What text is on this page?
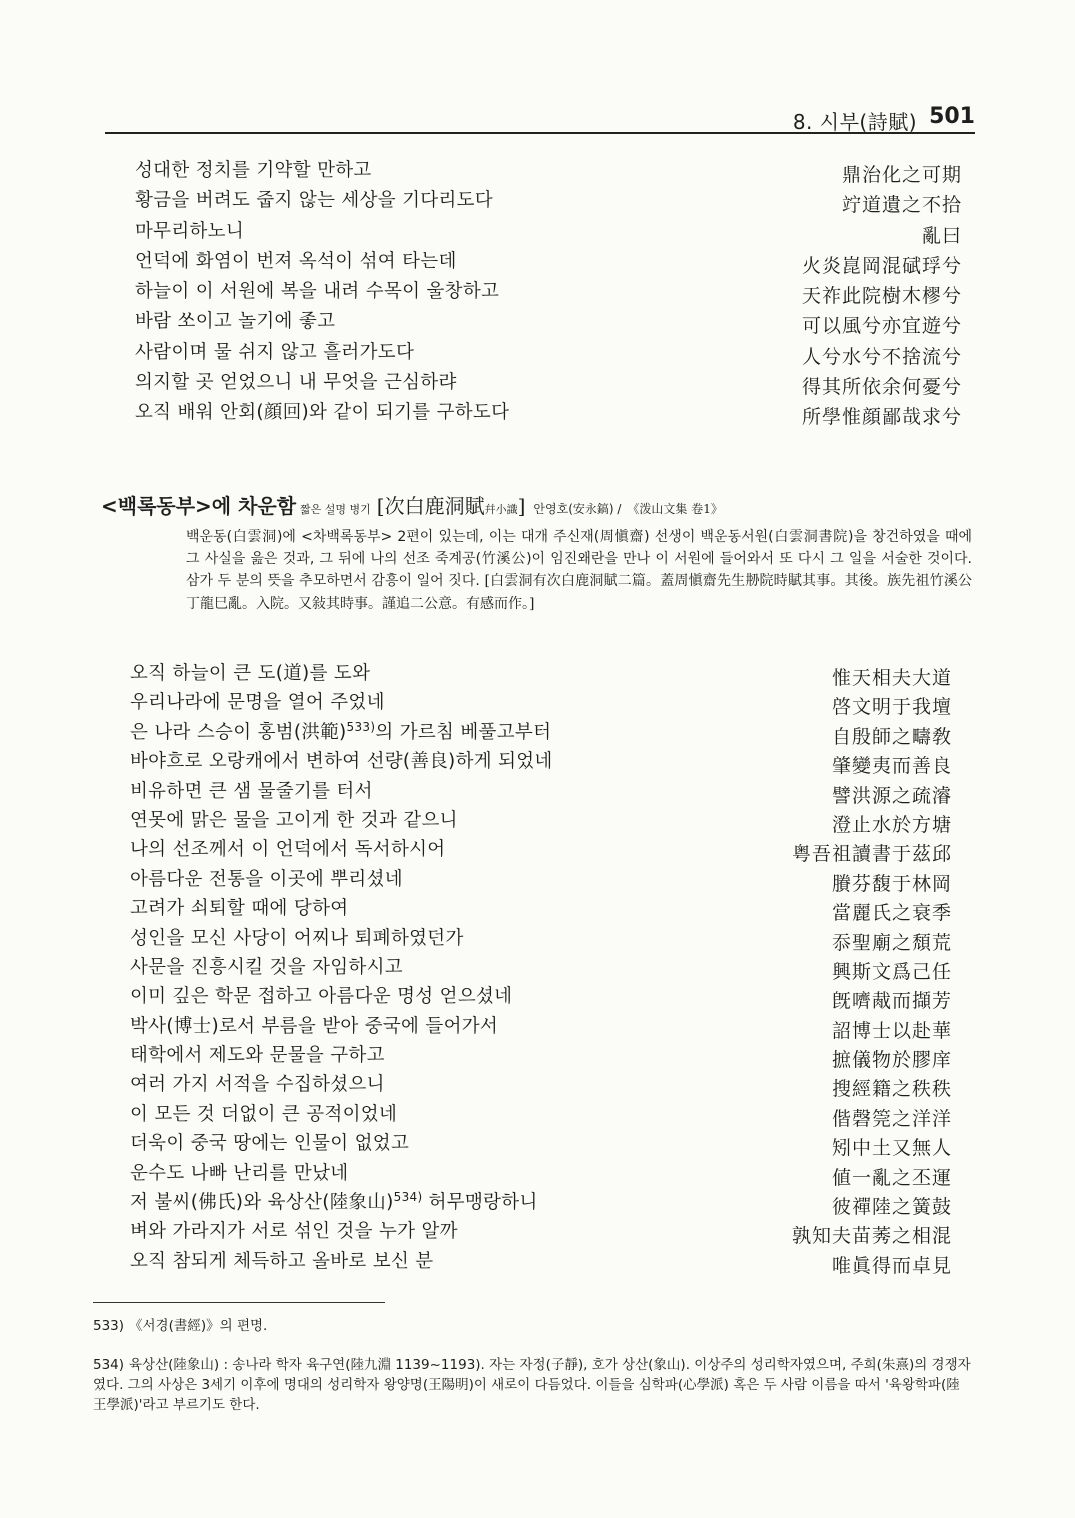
8. 시부(詩賦) 501
성대한 정치를 기약할 만하고	鼎治化之可期
황금을 버려도 줍지 않는 세상을 기다리도다	竚道遺之不拾
마무리하노니	亂曰
언덕에 화염이 번져 옥석이 섞여 타는데	火炎崑岡混碔琈兮
하늘이 이 서원에 복을 내려 수목이 울창하고	天祚此院樹木樛兮
바람 쏘이고 놀기에 좋고	可以風兮亦宜遊兮
사람이며 물 쉬지 않고 흘러가도다	人兮水兮不捨流兮
의지할 곳 얻었으니 내 무엇을 근심하랴	得其所依余何憂兮
오직 배워 안회(顔回)와 같이 되기를 구하도다	所學惟顔鄙哉求兮
<백록동부>에 차운함 짧은 설명 병기 [次白鹿洞賦幷小識] 안영호(安永鎬) / 《泼山文集 卷1》
백운동(白雲洞)에 <차백록동부> 2편이 있는데, 이는 대개 주신재(周愼齋) 선생이 백운동서원(白雲洞書院)을 창건하였을 때에 그 사실을 읊은 것과, 그 뒤에 나의 선조 죽계공(竹溪公)이 임진왜란을 만나 이 서원에 들어와서 또 다시 그 일을 서술한 것이다. 삼가 두 분의 뜻을 추모하면서 감흥이 일어 짓다. [白雲洞有次白鹿洞賦二篇。蓋周愼齋先生刱院時賦其事。其後。族先祖竹溪公丁龍巳亂。入院。又敍其時事。謹追二公意。有感而作。]
오직 하늘이 큰 도(道)를 도와	惟天相夫大道
우리나라에 문명을 열어 주었네	啓文明于我壇
은 나라 스승이 홍범(洪範)$^{533)}$의 가르침 베풀고부터	自殷師之疇敎
바야흐로 오랑캐에서 변하여 선량(善良)하게 되었네	肇變夷而善良
비유하면 큰 샘 물줄기를 터서	譬洪源之疏濬
연못에 맑은 물을 고이게 한 것과 같으니	澄止水於方塘
나의 선조께서 이 언덕에서 독서하시어	粤吾祖讀書于茲邱
아름다운 전통을 이곳에 뿌리셨네	賸芬馥于林岡
고려가 쇠퇴할 때에 당하여	當麗氏之衰季
성인을 모신 사당이 어찌나 퇴폐하였던가	忝聖廟之頹荒
사문을 진흥시킬 것을 자임하시고	興斯文爲己任
이미 깊은 학문 접하고 아름다운 명성 얻으셨네	旣嚌胾而擷芳
박사(博士)로서 부름을 받아 중국에 들어가서	詔博士以赴華
태학에서 제도와 문물을 구하고	摭儀物於膠庠
여러 가지 서적을 수집하셨으니	搜經籍之秩秩
이 모든 것 더없이 큰 공적이었네	偕磬筦之洋洋
더욱이 중국 땅에는 인물이 없었고	矧中土又無人
운수도 나빠 난리를 만났네	値一亂之丕運
저 불씨(佛氏)와 육상산(陸象山)$^{534)}$ 허무맹랑하니	彼禪陸之簧鼓
벼와 가라지가 서로 섞인 것을 누가 알까	孰知夫苗莠之相混
오직 참되게 체득하고 올바로 보신 분	唯眞得而卓見
533) 《서경(書經)》의 편명.
534) 육상산(陸象山) : 송나라 학자 육구연(陸九淵 1139~1193). 자는 자정(子靜), 호가 상산(象山). 이상주의 성리학자였으며, 주희(朱熹)의 경쟁자였다. 그의 사상은 3세기 이후에 명대의 성리학자 왕양명(王陽明)이 새로이 다듬었다. 이들을 심학파(心學派) 혹은 두 사람 이름을 따서 '육왕학파(陸王學派)'라고 부르기도 한다.
